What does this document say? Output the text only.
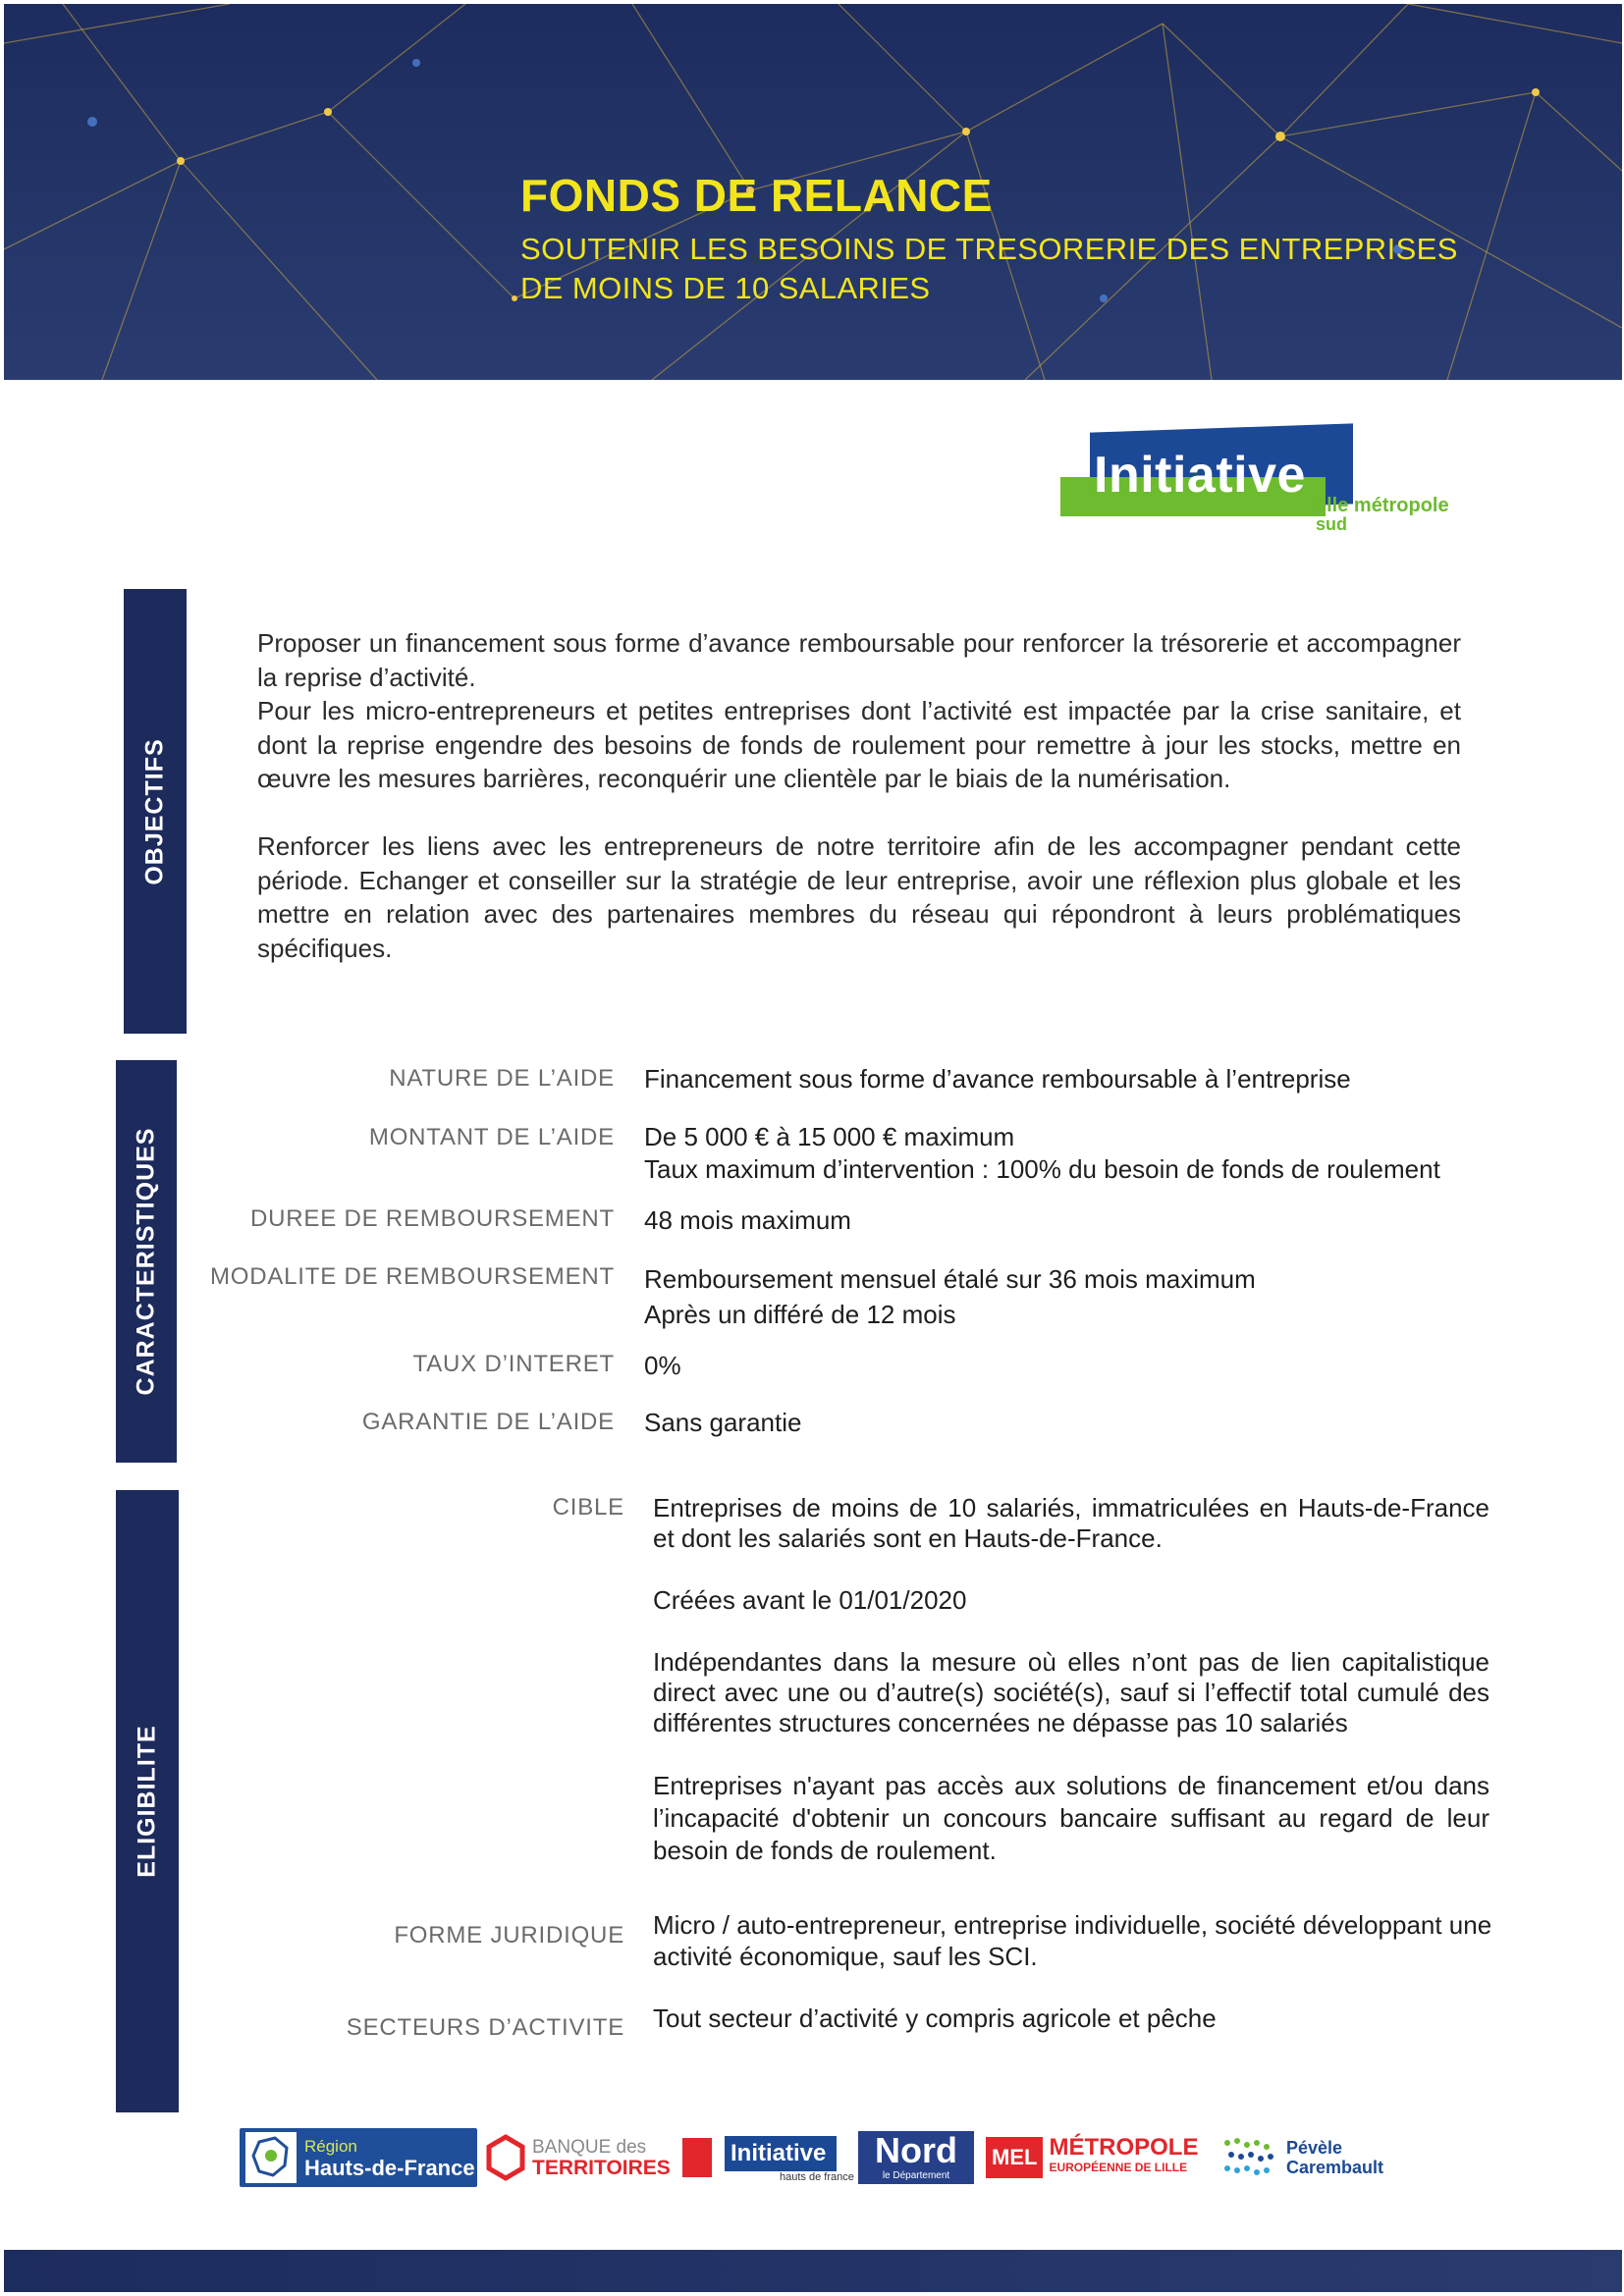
FONDS DE RELANCE
SOUTENIR LES BESOINS DE TRESORERIE DES ENTREPRISES
DE MOINS DE 10 SALARIES
Initiative
lille métropole
sud
OBJECTIFS

Proposer un financement sous forme d’avance remboursable pour renforcer la trésorerie et accompagner la reprise d’activité.

Pour les micro-entrepreneurs et petites entreprises dont l’activité est impactée par la crise sanitaire, et dont la reprise engendre des besoins de fonds de roulement pour remettre à jour les stocks, mettre en œuvre les mesures barrières, reconquérir une clientèle par le biais de la numérisation.

Renforcer les liens avec les entrepreneurs de notre territoire afin de les accompagner pendant cette période. Echanger et conseiller sur la stratégie de leur entreprise, avoir une réflexion plus globale et les mettre en relation avec des partenaires membres du réseau qui répondront à leurs problématiques spécifiques.

CARACTERISTIQUES
NATURE DE L’AIDE Financement sous forme d’avance remboursable à l’entreprise
MONTANT DE L’AIDE De 5 000 € à 15 000 € maximum
Taux maximum d’intervention : 100% du besoin de fonds de roulement
DUREE DE REMBOURSEMENT 48 mois maximum
MODALITE DE REMBOURSEMENT Remboursement mensuel étalé sur 36 mois maximum
Après un différé de 12 mois
TAUX D’INTERET 0%
GARANTIE DE L’AIDE Sans garantie
ELIGIBILITE
CIBLE Entreprises de moins de 10 salariés, immatriculées en Hauts-de-France et dont les salariés sont en Hauts-de-France.
Créées avant le 01/01/2020
Indépendantes dans la mesure où elles n’ont pas de lien capitalistique direct avec une ou d’autre(s) société(s), sauf si l’effectif total cumulé des différentes structures concernées ne dépasse pas 10 salariés
Entreprises n'ayant pas accès aux solutions de financement et/ou dans l’incapacité d'obtenir un concours bancaire suffisant au regard de leur besoin de fonds de roulement.
FORME JURIDIQUE Micro / auto-entrepreneur, entreprise individuelle, société développant une activité économique, sauf les SCI.
SECTEURS D’ACTIVITE Tout secteur d’activité y compris agricole et pêche
Région
Hauts-de-France
BANQUE des
TERRITOIRES
Initiative
hauts de france
Nord
le Département
MEL MÉTROPOLE
EUROPÉENNE DE LILLE
Pévèle
Carembault
